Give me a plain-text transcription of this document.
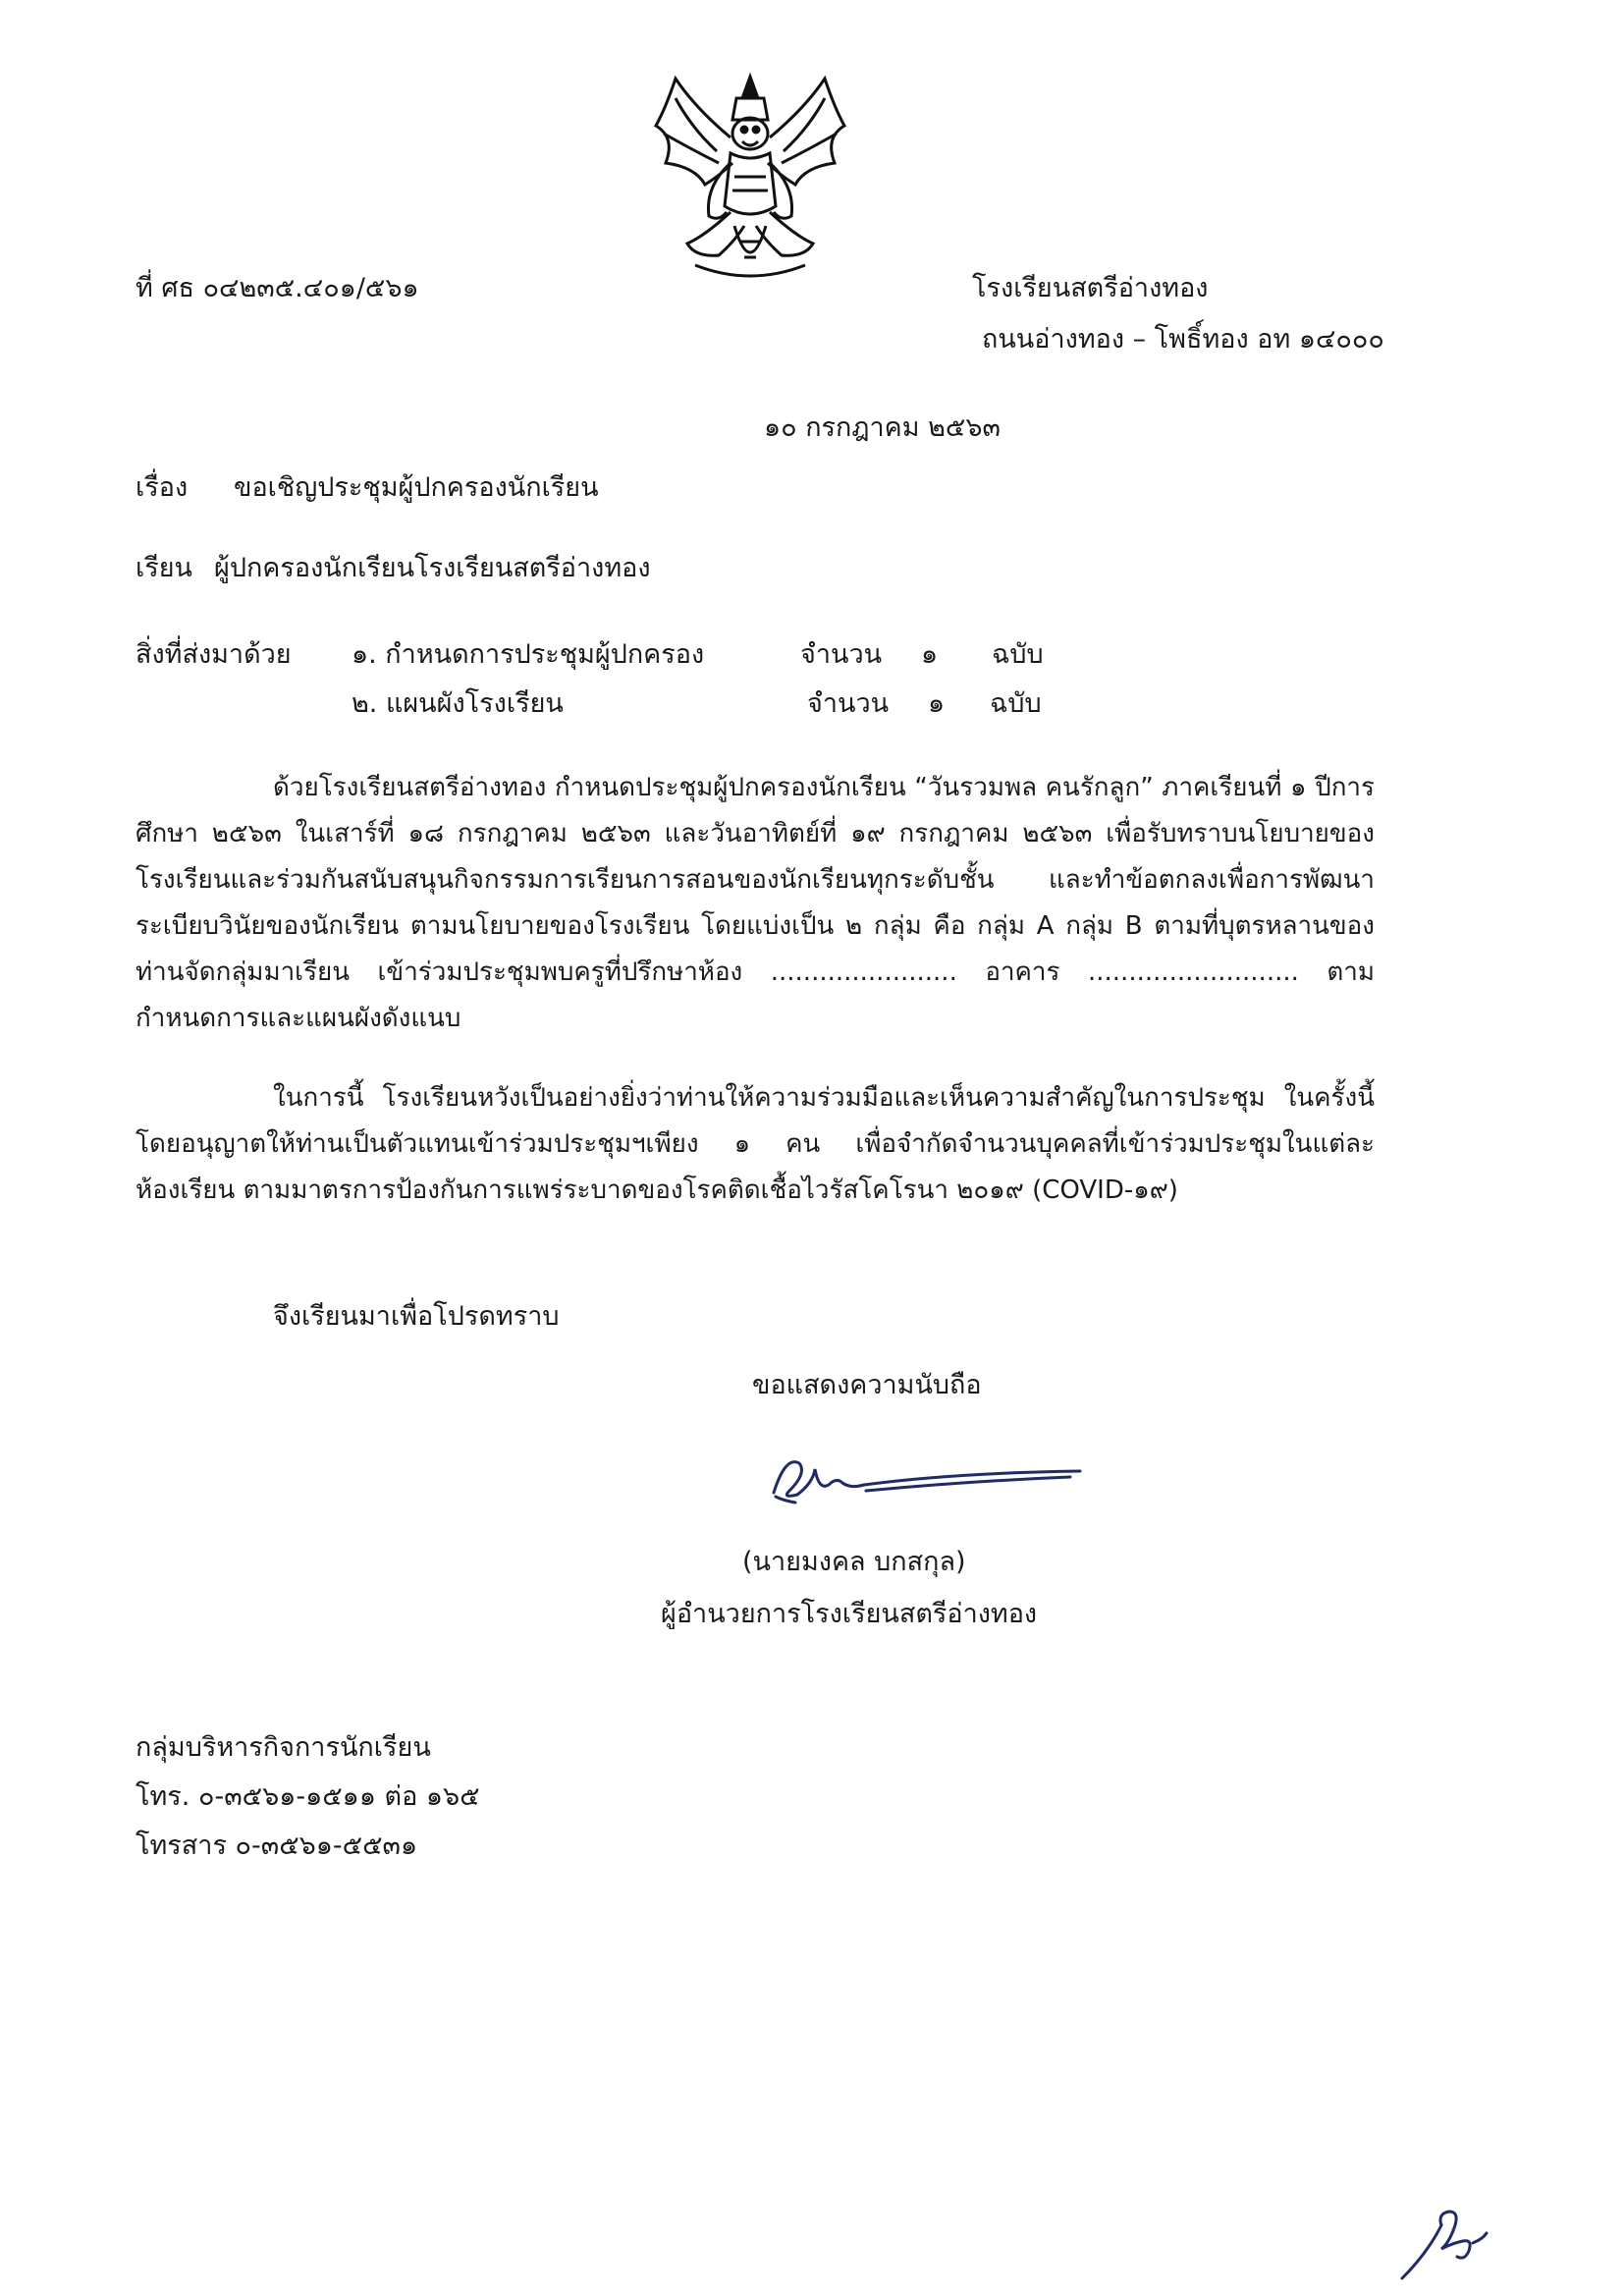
ที่ ศธ ๐๔๒๓๕.๔๐๑/๕๖๑	โรงเรียนสตรีอ่างทอง
ถนนอ่างทอง – โพธิ์ทอง อท ๑๔๐๐๐
๑๐ กรกฎาคม ๒๕๖๓
เรื่อง ขอเชิญประชุมผู้ปกครองนักเรียน
เรียน ผู้ปกครองนักเรียนโรงเรียนสตรีอ่างทอง
สิ่งที่ส่งมาด้วย ๑. กำหนดการประชุมผู้ปกครอง	จำนวน ๑ ฉบับ
๒. แผนผังโรงเรียน	จำนวน ๑ ฉบับ
ด้วยโรงเรียนสตรีอ่างทอง กำหนดประชุมผู้ปกครองนักเรียน “วันรวมพล คนรักลูก” ภาคเรียนที่ ๑ ปีการศึกษา ๒๕๖๓ ในเสาร์ที่ ๑๘ กรกฎาคม ๒๕๖๓ และวันอาทิตย์ที่ ๑๙ กรกฎาคม ๒๕๖๓ เพื่อรับทราบนโยบายของโรงเรียนและร่วมกันสนับสนุนกิจกรรมการเรียนการสอนของนักเรียนทุกระดับชั้น และทำข้อตกลงเพื่อการพัฒนาระเบียบวินัยของนักเรียน ตามนโยบายของโรงเรียน โดยแบ่งเป็น ๒ กลุ่ม คือ กลุ่ม A กลุ่ม B ตามที่บุตรหลานของท่านจัดกลุ่มมาเรียน เข้าร่วมประชุมพบครูที่ปรึกษาห้อง ....................... อาคาร .......................... ตามกำหนดการและแผนผังดังแนบ
ในการนี้ โรงเรียนหวังเป็นอย่างยิ่งว่าท่านให้ความร่วมมือและเห็นความสำคัญในการประชุม ในครั้งนี้ โดยอนุญาตให้ท่านเป็นตัวแทนเข้าร่วมประชุมฯเพียง ๑ คน เพื่อจำกัดจำนวนบุคคลที่เข้าร่วมประชุมในแต่ละห้องเรียน ตามมาตรการป้องกันการแพร่ระบาดของโรคติดเชื้อไวรัสโคโรนา ๒๐๑๙ (COVID-๑๙)
จึงเรียนมาเพื่อโปรดทราบ
ขอแสดงความนับถือ
(นายมงคล บกสกุล)
ผู้อำนวยการโรงเรียนสตรีอ่างทอง
กลุ่มบริหารกิจการนักเรียน
โทร. ๐-๓๕๖๑-๑๕๑๑ ต่อ ๑๖๕
โทรสาร ๐-๓๕๖๑-๕๕๓๑
